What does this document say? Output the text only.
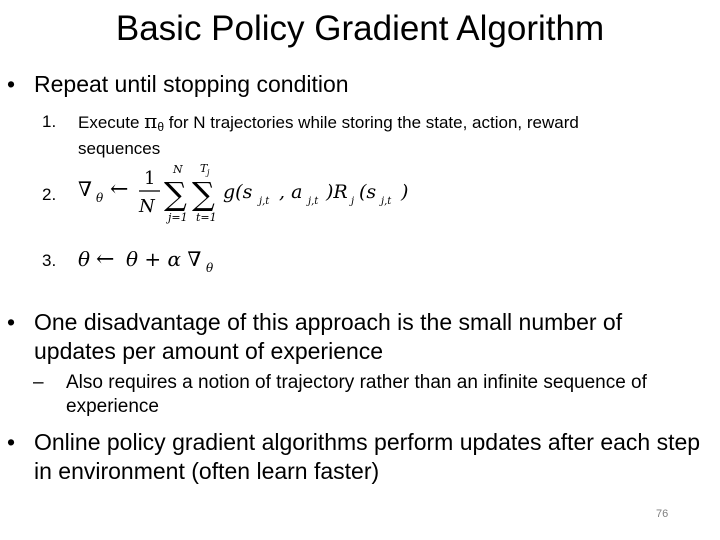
Basic Policy Gradient Algorithm
• Repeat until stopping condition
1. Execute πθ for N trajectories while storing the state, action, reward sequences
2. ∇ θ ← 1
N
N
∑
j=1
T j
∑
t=1
g(s j,t , a j,t )R j (s j,t )
3. θ ← θ + α ∇ θ
• One disadvantage of this approach is the small number of updates per amount of experience
– Also requires a notion of trajectory rather than an infinite sequence of experience
• Online policy gradient algorithms perform updates after each step in environment (often learn faster)
76
